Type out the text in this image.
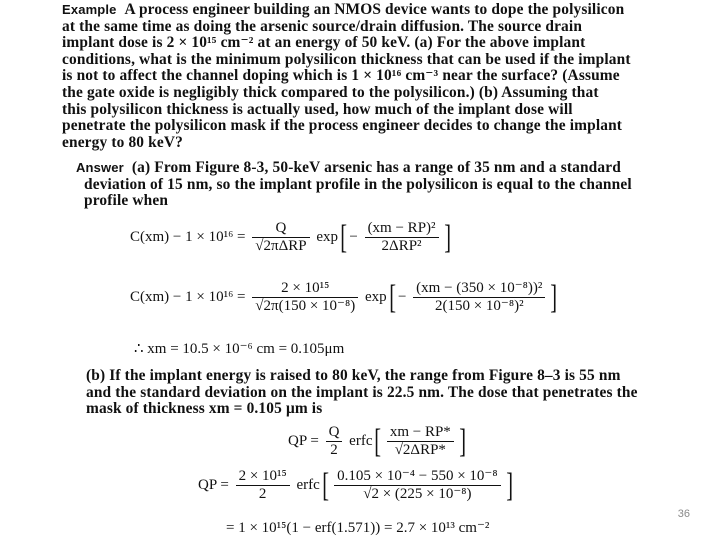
Example A process engineer building an NMOS device wants to dope the polysilicon
at the same time as doing the arsenic source/drain diffusion. The source drain
implant dose is 2 × 10¹⁵ cm⁻² at an energy of 50 keV. (a) For the above implant
conditions, what is the minimum polysilicon thickness that can be used if the implant
is not to affect the channel doping which is 1 × 10¹⁶ cm⁻³ near the surface? (Assume
the gate oxide is negligibly thick compared to the polysilicon.) (b) Assuming that
this polysilicon thickness is actually used, how much of the implant dose will
penetrate the polysilicon mask if the process engineer decides to change the implant
energy to 80 keV?
Answer (a) From Figure 8-3, 50-keV arsenic has a range of 35 nm and a standard
deviation of 15 nm, so the implant profile in the polysilicon is equal to the channel
profile when
$C(xm) - 1 \times 10^{16} = \frac{Q}{\text{√2πΔRP}} \exp[ - \frac{\text{(xm − RP)²}}{\text{2ΔRP²}}$ ]
$C(xm) - 1 \times 10^{16} = \frac{\text{2 × 10¹⁵}}{\text{√2π(150 × 10⁻⁸)}} \exp[ - \frac{\text{(xm − (350 × 10⁻⁸))²}}{\text{2(150 × 10⁻⁸)²}}$ ]
∴ xm = 10.5 × 10⁻⁶ cm = 0.105μm
(b) If the implant energy is raised to 80 keV, the range from Figure 8–3 is 55 nm
and the standard deviation on the implant is 22.5 nm. The dose that penetrates the
mask of thickness xm = 0.105 μm is
QP = $\frac{Q}{2}$ erfc[ $\frac{xm - RP*}{\text{√2ΔRP*}}$ ]
QP = $\frac{\text{2 × 10¹⁵}}{2}$ erfc[ $\frac{\text{0.105 × 10⁻⁴ − 550 × 10⁻⁸}}{\text{√2 × (225 × 10⁻⁸)}}$ ]
= 1 × 10¹⁵(1 − erf(1.571)) = 2.7 × 10¹³ cm⁻²
36
